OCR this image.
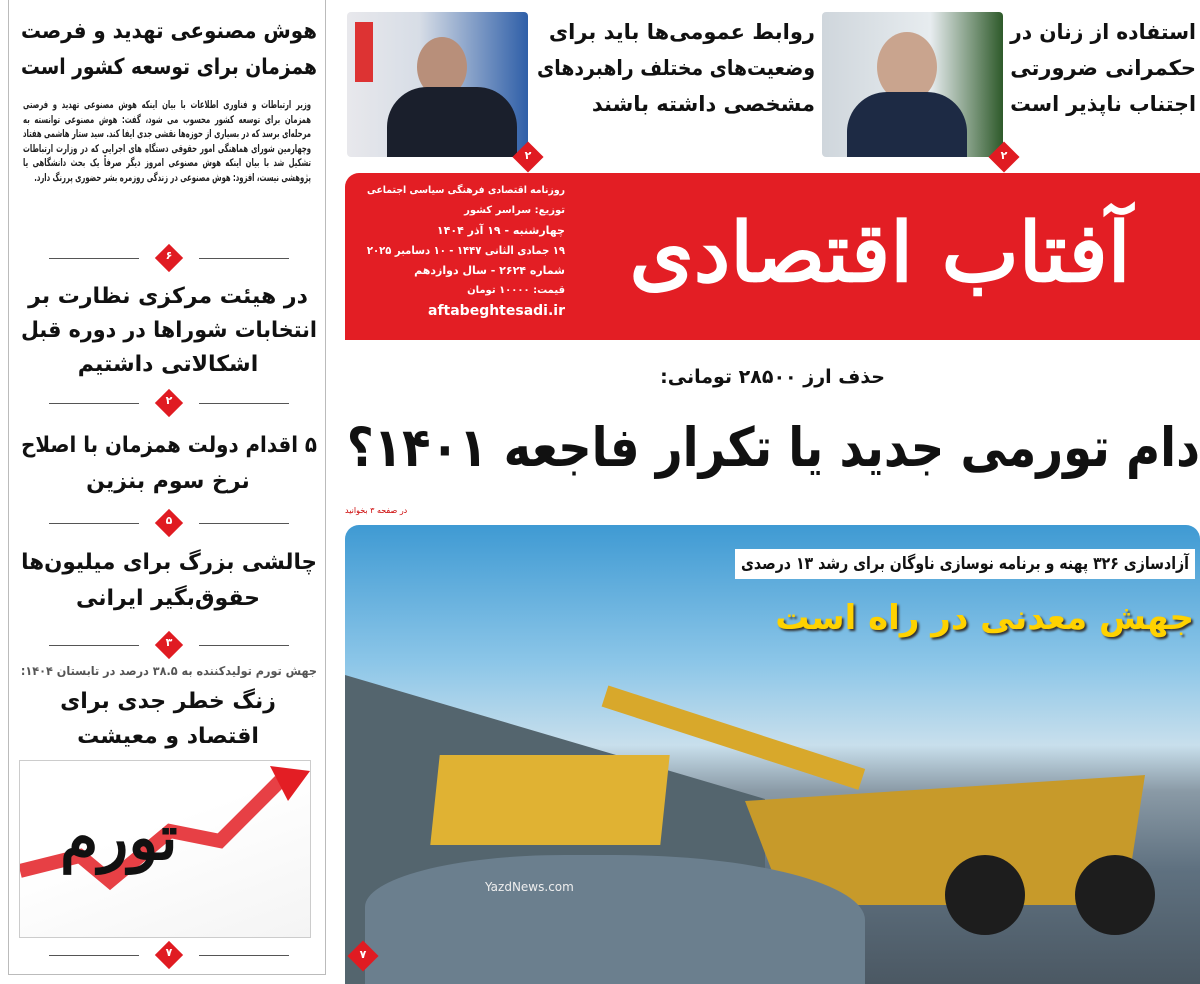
هوش مصنوعی تهدید و فرصت
همزمان برای توسعه کشور است
وزیر ارتباطات و فناوری اطلاعات با بیان اینکه هوش مصنوعی تهدید و فرصتی همزمان برای توسعه کشور محسوب می شود، گفت: هوش مصنوعی توانسته به مرحله‌ای برسد که در بسیاری از حوزه‌ها نقشی جدی ایفا کند. سید ستار هاشمی هفتاد وچهارمین شورای هماهنگی امور حقوقی دستگاه های اجرایی که در وزارت ارتباطات تشکیل شد با بیان اینکه هوش مصنوعی امروز دیگر صرفاً یک بحث دانشگاهی یا پژوهشی نیست، افزود: هوش مصنوعی در زندگی روزمره بشر حضوری پررنگ دارد.
۶
در هیئت مرکزی نظارت بر
انتخابات شوراها در دوره قبل
اشکالاتی داشتیم
۲
۵ اقدام دولت همزمان با اصلاح
نرخ سوم بنزین
۵
چالشی بزرگ برای میلیون‌ها
حقوق‌بگیر ایرانی
۳
جهش تورم تولیدکننده به ۳۸.۵ درصد در تابستان ۱۴۰۴:
زنگ خطر جدی برای
اقتصاد و معیشت
تورم
۷
استفاده از زنان در
حکمرانی ضرورتی
اجتناب ناپذیر است
۲
روابط عمومی‌ها باید برای
وضعیت‌های مختلف راهبرد‌های
مشخصی داشته باشند
۲
آفتاب اقتصادی
روزنامه اقتصادی فرهنگی سیاسی اجتماعی
توزیع: سراسر کشور
چهارشنبه - ۱۹ آذر ۱۴۰۴
۱۹ جمادی الثانی ۱۴۴۷ - ۱۰ دسامبر ۲۰۲۵
شماره ۲۶۲۴ - سال دوازدهم
قیمت: ۱۰۰۰۰ تومان
aftabeghtesadi.ir
حذف ارز ۲۸۵۰۰ تومانی:
دام تورمی جدید یا تکرار فاجعه ۱۴۰۱؟
در صفحه ۳ بخوانید
آزادسازی ۳۲۶ پهنه و برنامه نوسازی ناوگان برای رشد ۱۳ درصدی
جهش معدنی در راه است
YazdNews.com
۷
